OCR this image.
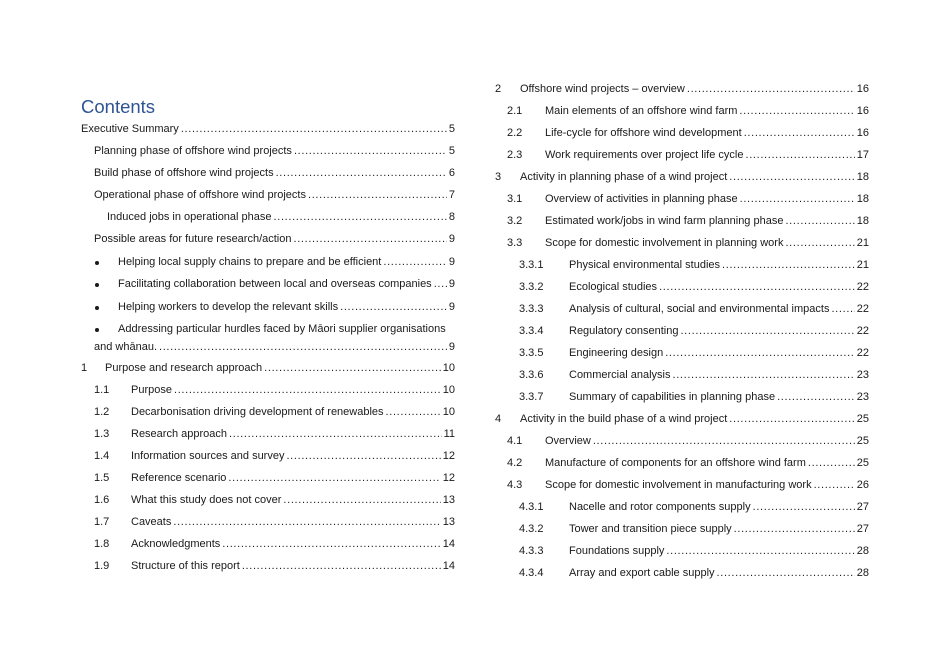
Contents
Executive Summary . . .	5
Planning phase of offshore wind projects . . .	5
Build phase of offshore wind projects . . .	6
Operational phase of offshore wind projects . . .	7
Induced jobs in operational phase . . .	8
Possible areas for future research/action . . .	9
Helping local supply chains to prepare and be efficient . . .	9
Facilitating collaboration between local and overseas companies . . . 9
Helping workers to develop the relevant skills . . .	9
Addressing particular hurdles faced by Māori supplier organisations
and whānau. . . .	9
1	Purpose and research approach . . .	10
1.1	Purpose . . .	10
1.2	Decarbonisation driving development of renewables . . .	10
1.3	Research approach . . .	11
1.4	Information sources and survey . . .	12
1.5	Reference scenario . . .	12
1.6	What this study does not cover . . .	13
1.7	Caveats . . .	13
1.8	Acknowledgments . . .	14
1.9	Structure of this report . . .	14
2	Offshore wind projects – overview . . .	16
2.1	Main elements of an offshore wind farm . . .	16
2.2	Life-cycle for offshore wind development . . .	16
2.3	Work requirements over project life cycle . . .	17
3	Activity in planning phase of a wind project . . .	18
3.1	Overview of activities in planning phase . . .	18
3.2	Estimated work/jobs in wind farm planning phase . . .	18
3.3	Scope for domestic involvement in planning work . . .	21
3.3.1	Physical environmental studies . . .	21
3.3.2	Ecological studies . . .	22
3.3.3	Analysis of cultural, social and environmental impacts . . . 22
3.3.4	Regulatory consenting . . .	22
3.3.5	Engineering design . . .	22
3.3.6	Commercial analysis . . .	23
3.3.7	Summary of capabilities in planning phase . . .	23
4	Activity in the build phase of a wind project . . .	25
4.1	Overview . . .	25
4.2	Manufacture of components for an offshore wind farm . . .	25
4.3	Scope for domestic involvement in manufacturing work . . .	26
4.3.1	Nacelle and rotor components supply . . .	27
4.3.2	Tower and transition piece supply . . .	27
4.3.3	Foundations supply . . .	28
4.3.4	Array and export cable supply . . .	28
